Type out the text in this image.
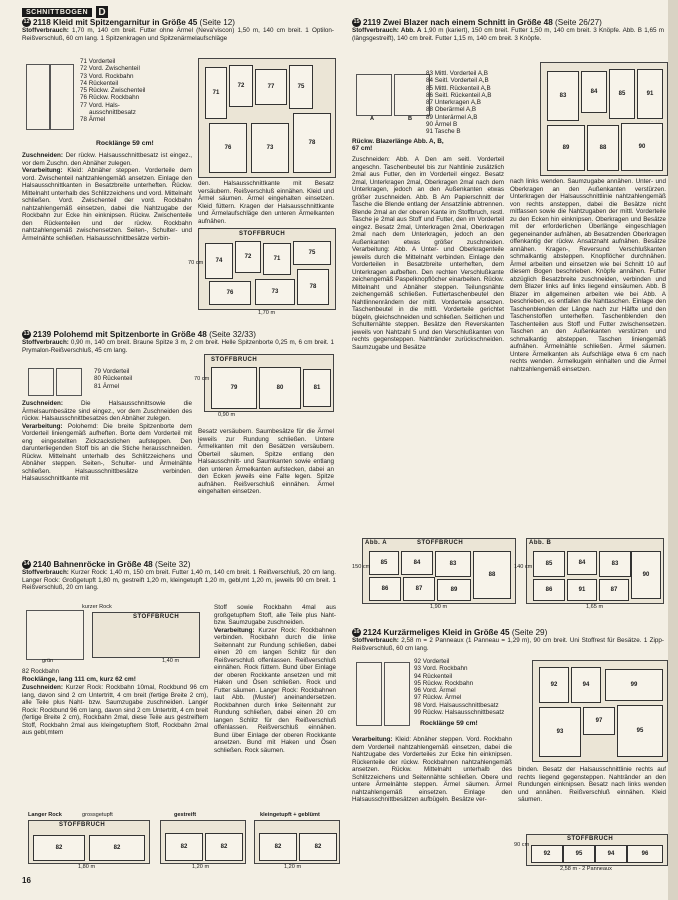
SCHNITTBOGEN	D
12 2118 Kleid mit Spitzengarnitur in Größe 45 (Seite 12)
Stoffverbrauch: 1,70 m, 140 cm breit. Futter ohne Ärmel (Nevaʼviscon) 1,50 m, 140 cm breit. 1 Optilon-Reißverschluß, 60 cm lang. 1 Spitzenkragen und Spitzenärmelaufschläge
71 Vorderteil
72 Vord. Zwischenteil
73 Vord. Rockbahn
74 Rückenteil
75 Rückw. Zwischenteil
76 Rückw. Rockbahn
77 Vord. Hals-
ausschnittbesatz
78 Ärmel
Rocklänge 59 cm!
Zuschneiden: Der rückw. Halsausschnittbesatz ist eingez., vor dem Zuschn. den Abnäher zulegen.
Verarbeitung: Kleid: Abnäher steppen. Vorderteile dem vord. Zwischenteil nahtzahlengemäß ansetzen. Einlage den Halsausschnittkanten in Besatzbreite unterheften. Rückw. Mittelnaht unterhalb des Schlitzzeichens und vord. Mittelnaht schließen. Vord. Zwischenteil der vord. Rockbahn nahtzahlengemäß einsetzen, dabei die Nahtzugabe der Rockbahn zur Ecke hin einknipsen. Rückw. Zwischenteile den Rückenteilen und der rückw. Rockbahn nahtzahlengemäß zwischensetzen. Seiten-, Schulter- und Ärmelnähte schließen. Halsausschnittbesätze verbin-
71
72	77	75
76	73
78
den. Halsausschnittkante mit Besatz versäubern. Reißverschluß einnähen. Kleid und Ärmel säumen. Ärmel eingehalten einsetzen. Kleid füttern. Kragen der Halsausschnittkante und Ärmelaufschläge den unteren Ärmelkanten aufnähen.
STOFFBRUCH
74
72	71
75
76	73
78
1,70 m
70 cm
13 2139 Polohemd mit Spitzenborte in Größe 48 (Seite 32/33)
Stoffverbrauch: 0,90 m, 140 cm breit. Braune Spitze 3 m, 2 cm breit. Helle Spitzenborte 0,25 m, 6 cm breit. 1 Prymalon-Reißverschluß, 45 cm lang.
79 Vorderteil
80 Rückenteil
81 Ärmel
Zuschneiden:	Die Halsausschnittsowie die Ärmelsaumbesätze sind eingez., vor dem Zuschneiden des rückw. Halsausschnittbesatzes den Abnäher zulegen.
Verarbeitung: Polohemd: Die breite Spitzenborte dem Vorderteil liniengemäß aufheften. Borte dem Vorderteil mit eng eingestellten Zickzackstichen aufsteppen. Den darunterliegenden Stoff bis an die Stiche herausschneiden. Rückw. Mittelnaht unterhalb des Schlitzzeichens und Abnäher steppen. Seiten-, Schulter- und Ärmelnähte schließen. Halsausschnittbesätze verbinden. Halsausschnittkante mit
STOFFBRUCH
79	80	81
0,90 m
70 cm
Besatz versäubern. Saumbesätze für die Ärmel jeweils zur Rundung schließen. Untere Ärmelkanten mit den Besätzen versäubern. Oberteil säumen. Spitze entlang den Halsausschnitt- und Saumkanten sowie entlang den unteren Ärmelkanten aufstecken, dabei an den Ecken jeweils eine Falte legen. Spitze aufnähen. Reißverschluß einnähen. Ärmel eingehalten einsetzen.
14 2140 Bahnenröcke in Größe 48 (Seite 32)
Stoffverbrauch: Kurzer Rock: 1,40 m, 150 cm breit. Futter 1,40 m, 140 cm breit. 1 Reißverschluß, 20 cm lang. Langer Rock: Großgetupft 1,80 m, gestreift 1,20 m, kleingetupft 1,20 m, gebl,mt 1,20 m, jeweils 90 cm breit. 1 Reißverschluß, 20 cm lang.
kurzer Rock
STOFFBRUCH
grün	1,40 m
82 Rockbahn
Rocklänge, lang 111 cm, kurz 62 cm!
Zuschneiden: Kurzer Rock: Rockbahn 10mal, Rockbund 96 cm lang, davon sind 2 cm Untertritt, 4 cm breit (fertige Breite 2 cm), alle Teile plus Naht- bzw. Saumzugabe zuschneiden. Langer Rock: Rockbund 96 cm lang, davon sind 2 cm Untertritt, 4 cm breit (fertige Breite 2 cm), Rockbahn 2mal, diese Teile aus gestreiftem Stoff, Rockbahn 2mal aus kleingetupftem Stoff, Rockbahn 2mal aus gebl,mtem
Stoff sowie Rockbahn 4mal aus großgetupftem Stoff, alle Teile plus Naht- bzw. Saumzugabe zuschneiden.
Verarbeitung: Kurzer Rock: Rockbahnen verbinden. Rockbahn durch die linke Seitennaht zur Rundung schließen, dabei einen 20 cm langen Schlitz für den Reißverschluß offenlassen. Reißverschluß einnähen. Rock füttern. Bund über Einlage der oberen Rockkante ansetzen und mit Haken und Ösen schließen. Rock und Futter säumen. Langer Rock: Rockbahnen laut Abb. (Muster) aneinandersetzen. Rockbahnen durch linke Seitennaht zur Rundung schließen, dabei einen 20 cm langen Schlitz für den Reißverschluß offenlassen. Reißverschluß einnähen. Bund über Einlage der oberen Rockkante ansetzen. Bund mit Haken und Ösen schließen. Rock säumen.
Langer Rock	grossgetupft
STOFFBRUCH
82	82
1,80 m
gestreift
82	82
1,20 m
kleingetupft + geblümt
82	82
1,20 m
15 2119 Zwei Blazer nach einem Schnitt in Größe 48 (Seite 26/27)
Stoffverbrauch: Abb. A 1,90 m (kariert), 150 cm breit. Futter 1,50 m, 140 cm breit. 3 Knöpfe. Abb. B 1,65 m (längsgestreift), 140 cm breit. Futter 1,15 m, 140 cm breit. 3 Knöpfe.
A	B
83 Mittl. Vorderteil A,B
84 Seitl. Vorderteil A,B
85 Mittl. Rückenteil A,B
86 Seitl. Rückenteil A,B
87 Unterkragen A,B
88 Oberärmel A,B
89 Unterärmel A,B
90 Ärmel B
91 Tasche B
83
84	85	91
89	88	90
Rückw. Blazerlänge Abb. A, B, 67 cm!
Zuschneiden: Abb. A Den am seitl. Vorderteil angeschn. Taschenbeutel bis zur Nahtlinie zusätzlich 2mal aus Futter, den im Vorderteil eingez. Besatz 2mal, Unterkragen 2mal, Oberkragen 2mal nach dem Unterkragen, jedoch an den Außenkanten etwas größer zuschneiden. Abb. B Am Papierschnitt der Tasche die Blende entlang der Ansatzlinie abtrennen. Blende 2mal an der oberen Kante im Stoffbruch, restl. Tasche je 2mal aus Stoff und Futter, den im Vorderteil eingez. Besatz 2mal, Unterkragen 2mal, Oberkragen 2mal nach dem Unterkragen, jedoch an den Außenkanten etwas größer zuschneiden. Verarbeitung: Abb. A Unter- und Oberkragenteile jeweils durch die Mittelnaht verbinden. Einlage den Vorderteilen in Besatzbreite unterheften, dem Unterkragen aufbeften. Den rechten Verschlußkante zeichengemäß Paspelknopflöcher einarbeiten. Rückw. Mittelnaht und Abnäher steppen. Teilungsnähte zeichengemäß schließen. Futtertaschenbeutel den Nahtlinnenrändern der mittl. Vorderteile ansetzen. Taschenbeutel in die mittl. Vorderteile gerichtet bügeln, gleichschneiden und schließen. Seitlichen und Schulternähte steppen. Besätze den Reverskanten jeweils von Nahtzahl 5 und den Verschlußkanten von rechts gegensteppen. Nahtränder zurückschneiden. Saumzugabe und Besätze
nach links wenden. Saumzugabe annähen. Unter- und Oberkragen an den Außenkanten verstürzen. Unterkragen der Halsausschnittlinie nahtzahlengemäß von rechts ansteppen, dabei die Besätze nicht mitfassen sowie die Nahtzugaben der mittl. Vorderteile zu den Ecken hin einknipsen. Oberkragen und Besätze mit der erforderlichen Überlänge eingeschlagen gegeneinander aufnähen, ab Besatzenden Oberkragen offenkantig der rückw. Ansatznaht aufnähen. Besätze annähen. Kragen-, Reversund Verschlußkanten schmalkantig absteppen. Knopflöcher durchnähen. Ärmel arbeiten und einsetzen wie bei Schnitt 10 auf diesem Bogen beschrieben. Knöpfe annähen. Futter abzüglich Besatzbreite zuschneiden, verbinden und dem Blazer links auf links liegend einsäumen. Abb. B Blazer im allgemeinen arbeiten wie bei Abb. A beschrieben, es entfallen die Nahttaschen. Einlage den Taschenblenden der Länge nach zur Hälfte und den Taschenstoffen unterheften. Taschenblenden den Taschenteilen aus Stoff und Futter zwischensetzen. Taschen an den Außenkanten verstürzen und schmalkantig absteppen. Taschen liniengemäß aufnähen. Ärmelnähte schließen. Ärmel säumen. Untere Ärmelkanten als Aufschläge etwa 6 cm nach rechts wenden. Ärmelkugeln einhalten und die Ärmel nahtzahlengemäß einsetzen.
Abb. A	STOFFBRUCH
85	84	83
88
86	87	89
1,90 m
150 cm
Abb. B
85	84	83
90
86	91	87
1,65 m
140 cm
16 2124 Kurzärmeliges Kleid in Größe 45 (Seite 29)
Stoffverbrauch: 2,58 m = 2 Panneaux (1 Panneau = 1,29 m), 90 cm breit. Uni Stoffrest für Besätze. 1 Zipp-Reißverschluß, 60 cm lang.
92 Vorderteil
93 Vord. Rockbahn
94 Rückenteil
95 Rückw. Rockbahn
96 Vord. Ärmel
97 Rückw. Ärmel
98 Vord. Halsausschnittbesatz
99 Rückw. Halsausschnittbesatz
Rocklänge 59 cm!
92	94	99
93
97
95
Verarbeitung: Kleid: Abnäher steppen. Vord. Rockbahn dem Vorderteil nahtzahlengemäß einsetzen, dabei die Nahtzugabe des Vorderteiles zur Ecke hin einknipsen. Rückenteile der rückw. Rockbahnen nahtzahlengemäß ansetzen. Rückw. Mittelnaht unterhalb des Schlitzzeichens und Seitennähte schließen. Obere und untere Ärmelnähte steppen. Ärmel säumen. Ärmel nahtzahlengemäß einsetzen. Einlage den Halsausschnittbesätzen aufbügeln. Besätze ver-
binden. Besatz der Halsausschnittlinie rechts auf rechts liegend gegensteppen. Nahtränder an den Rundungen einknipsen. Besatz nach links wenden und annähen. Reißverschluß einnähen. Kleid säumen.
STOFFBRUCH
92	95	94	96
2,58 m - 2 Panneaux
90 cm
16
